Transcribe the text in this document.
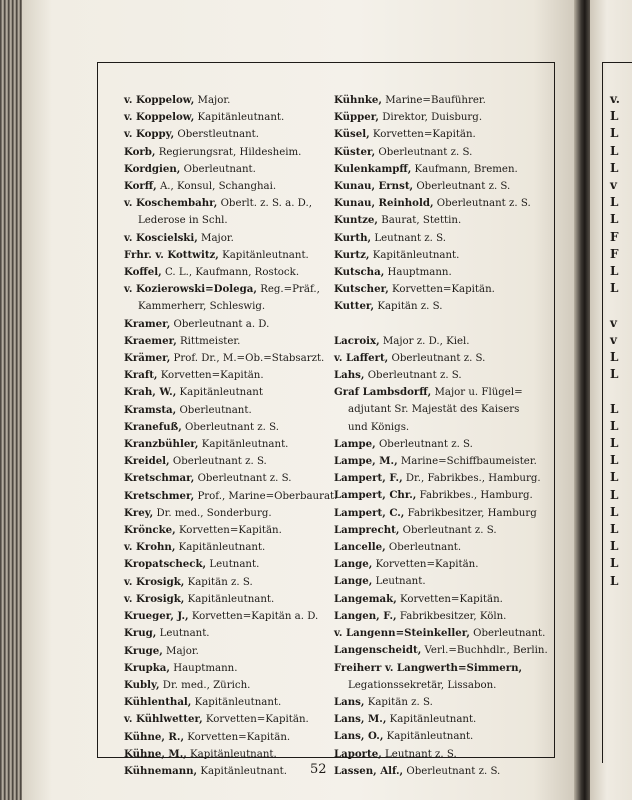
v.
L
L
L
L
v
L
L
F
F
L
L
v
v
L
L
L
L
L
L
L
L
L
L
L
L
L
v. Koppelow, Major.
v. Koppelow, Kapitänleutnant.
v. Koppy, Oberstleutnant.
Korb, Regierungsrat, Hildesheim.
Kordgien, Oberleutnant.
Korff, A., Konsul, Schanghai.
v. Koschembahr, Oberlt. z. S. a. D.,
Lederose in Schl.
v. Koscielski, Major.
Frhr. v. Kottwitz, Kapitänleutnant.
Koffel, C. L., Kaufmann, Rostock.
v. Kozierowski=Dolega, Reg.=Präf.,
Kammerherr, Schleswig.
Kramer, Oberleutnant a. D.
Kraemer, Rittmeister.
Krämer, Prof. Dr., M.=Ob.=Stabsarzt.
Kraft, Korvetten=Kapitän.
Krah, W., Kapitänleutnant
Kramsta, Oberleutnant.
Kranefuß, Oberleutnant z. S.
Kranzbühler, Kapitänleutnant.
Kreidel, Oberleutnant z. S.
Kretschmar, Oberleutnant z. S.
Kretschmer, Prof., Marine=Oberbaurat.
Krey, Dr. med., Sonderburg.
Kröncke, Korvetten=Kapitän.
v. Krohn, Kapitänleutnant.
Kropatscheck, Leutnant.
v. Krosigk, Kapitän z. S.
v. Krosigk, Kapitänleutnant.
Krueger, J., Korvetten=Kapitän a. D.
Krug, Leutnant.
Kruge, Major.
Krupka, Hauptmann.
Kubly, Dr. med., Zürich.
Kühlenthal, Kapitänleutnant.
v. Kühlwetter, Korvetten=Kapitän.
Kühne, R., Korvetten=Kapitän.
Kühne, M., Kapitänleutnant.
Kühnemann, Kapitänleutnant.
Kühnke, Marine=Bauführer.
Küpper, Direktor, Duisburg.
Küsel, Korvetten=Kapitän.
Küster, Oberleutnant z. S.
Kulenkampff, Kaufmann, Bremen.
Kunau, Ernst, Oberleutnant z. S.
Kunau, Reinhold, Oberleutnant z. S.
Kuntze, Baurat, Stettin.
Kurth, Leutnant z. S.
Kurtz, Kapitänleutnant.
Kutscha, Hauptmann.
Kutscher, Korvetten=Kapitän.
Kutter, Kapitän z. S.
Lacroix, Major z. D., Kiel.
v. Laffert, Oberleutnant z. S.
Lahs, Oberleutnant z. S.
Graf Lambsdorff, Major u. Flügel=
adjutant Sr. Majestät des Kaisers
und Königs.
Lampe, Oberleutnant z. S.
Lampe, M., Marine=Schiffbaumeister.
Lampert, F., Dr., Fabrikbes., Hamburg.
Lampert, Chr., Fabrikbes., Hamburg.
Lampert, C., Fabrikbesitzer, Hamburg
Lamprecht, Oberleutnant z. S.
Lancelle, Oberleutnant.
Lange, Korvetten=Kapitän.
Lange, Leutnant.
Langemak, Korvetten=Kapitän.
Langen, F., Fabrikbesitzer, Köln.
v. Langenn=Steinkeller, Oberleutnant.
Langenscheidt, Verl.=Buchhdlr., Berlin.
Freiherr v. Langwerth=Simmern,
Legationssekretär, Lissabon.
Lans, Kapitän z. S.
Lans, M., Kapitänleutnant.
Lans, O., Kapitänleutnant.
Laporte, Leutnant z. S.
Lassen, Alf., Oberleutnant z. S.
52
